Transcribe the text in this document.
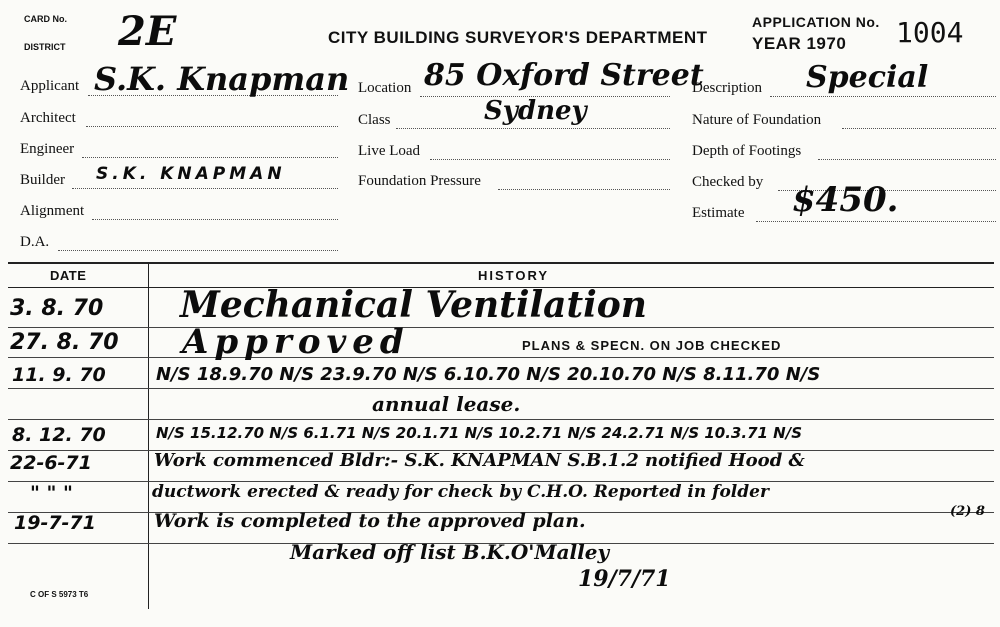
CARD No.
DISTRICT 2E	CITY BUILDING SURVEYOR'S DEPARTMENT
APPLICATION No.
YEAR 1970 1004
Applicant S.K. Knapman
Architect
Engineer
Builder S.K. KNAPMAN
Alignment
D.A.
Location 85 Oxford Street
Sydney
Class
Live Load
Foundation Pressure
Description Special
Nature of Foundation
Depth of Footings
Checked by
Estimate $450.
DATE	HISTORY
3. 8. 70 Mechanical Ventilation
27. 8. 70 Approved	PLANS & SPECN. ON JOB CHECKED
11. 9. 70	N/S 18.9.70 N/S 23.9.70 N/S 6.10.70 N/S 20.10.70 N/S 8.11.70 N/S
annual lease.
8. 12. 70	N/S 15.12.70 N/S 6.1.71 N/S 20.1.71 N/S 10.2.71 N/S 24.2.71 N/S 10.3.71 N/S
22-6-71	Work commenced Bldr:- S.K. KNAPMAN S.B.1.2 notified Hood &
" " "	ductwork erected & ready for check by C.H.O. Reported in folder
19-7-71	Work is completed to the approved plan.
Marked off list B.K.O'Malley
19/7/71
(2) 8
C OF S 5973 T6
